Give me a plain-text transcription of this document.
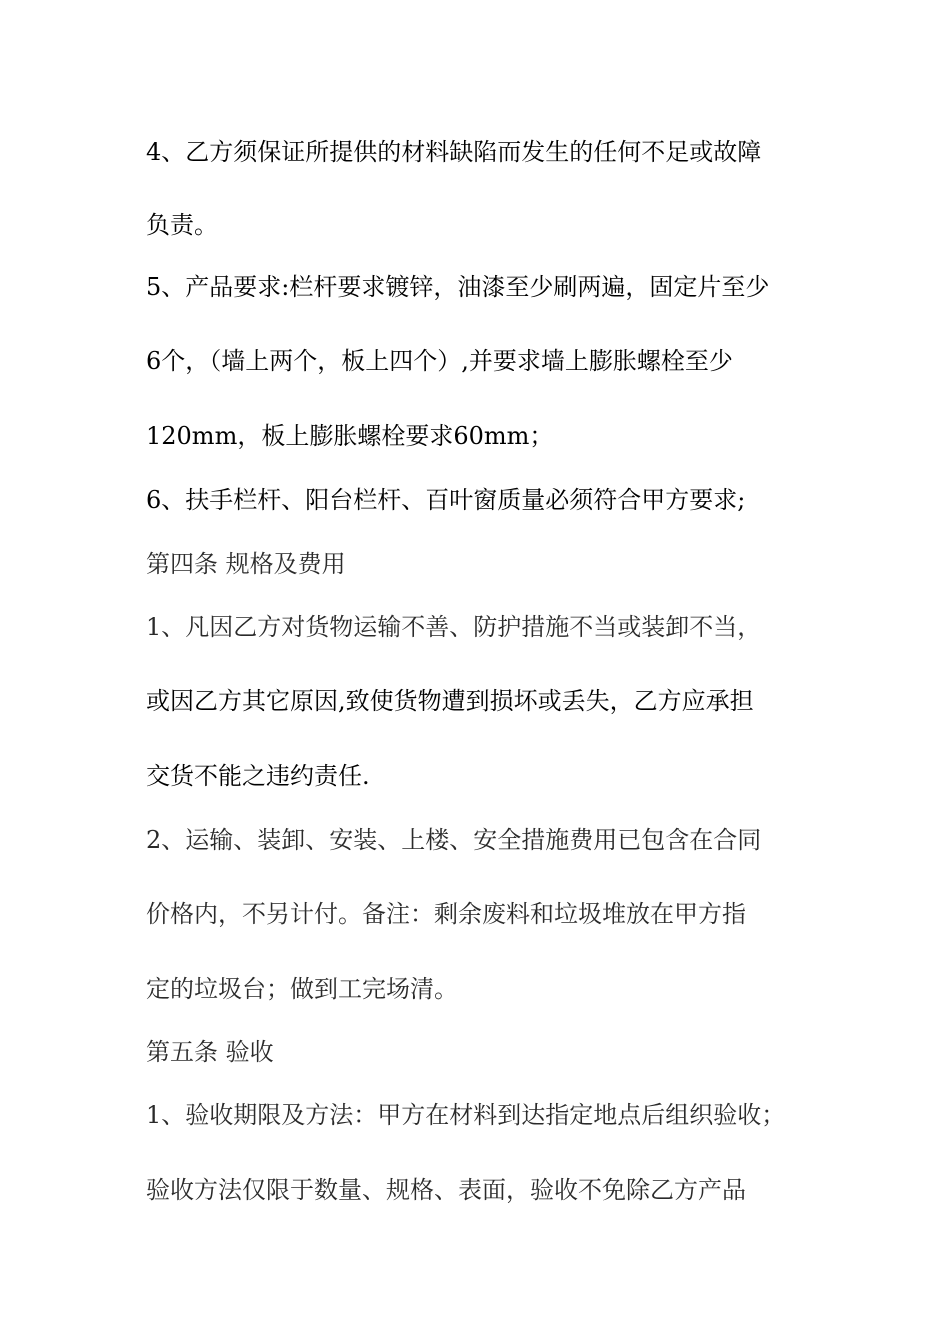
4、乙方须保证所提供的材料缺陷而发生的任何不足或故障
负责。
5、产品要求:栏杆要求镀锌，油漆至少刷两遍，固定片至少
6个，（墙上两个，板上四个）,并要求墙上膨胀螺栓至少
120mm，板上膨胀螺栓要求60mm；
6、扶手栏杆、阳台栏杆、百叶窗质量必须符合甲方要求;
第四条 规格及费用
1、凡因乙方对货物运输不善、防护措施不当或装卸不当，
或因乙方其它原因,致使货物遭到损坏或丢失，乙方应承担
交货不能之违约责任.
2、运输、装卸、安装、上楼、安全措施费用已包含在合同
价格内，不另计付。备注：剩余废料和垃圾堆放在甲方指
定的垃圾台；做到工完场清。
第五条 验收
1、验收期限及方法：甲方在材料到达指定地点后组织验收；
验收方法仅限于数量、规格、表面，验收不免除乙方产品
